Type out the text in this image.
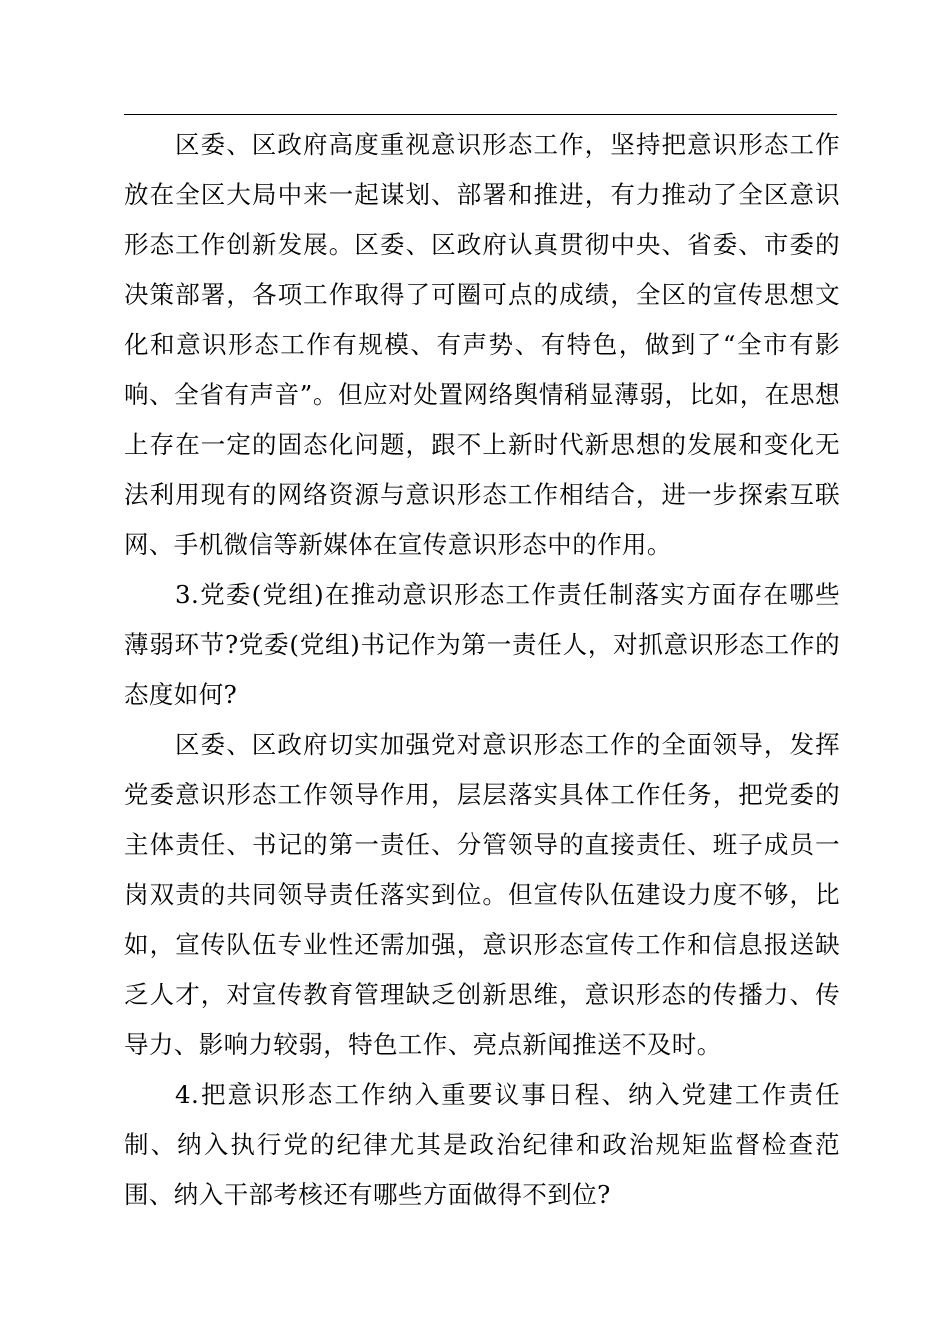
区委、区政府高度重视意识形态工作，坚持把意识形态工作放在全区大局中来一起谋划、部署和推进，有力推动了全区意识形态工作创新发展。区委、区政府认真贯彻中央、省委、市委的决策部署，各项工作取得了可圈可点的成绩，全区的宣传思想文化和意识形态工作有规模、有声势、有特色，做到了“全市有影响、全省有声音”。但应对处置网络舆情稍显薄弱，比如，在思想上存在一定的固态化问题，跟不上新时代新思想的发展和变化无法利用现有的网络资源与意识形态工作相结合，进一步探索互联网、手机微信等新媒体在宣传意识形态中的作用。

3.党委(党组)在推动意识形态工作责任制落实方面存在哪些薄弱环节?党委(党组)书记作为第一责任人，对抓意识形态工作的态度如何?

区委、区政府切实加强党对意识形态工作的全面领导，发挥党委意识形态工作领导作用，层层落实具体工作任务，把党委的主体责任、书记的第一责任、分管领导的直接责任、班子成员一岗双责的共同领导责任落实到位。但宣传队伍建设力度不够，比如，宣传队伍专业性还需加强，意识形态宣传工作和信息报送缺乏人才，对宣传教育管理缺乏创新思维，意识形态的传播力、传导力、影响力较弱，特色工作、亮点新闻推送不及时。

4.把意识形态工作纳入重要议事日程、纳入党建工作责任制、纳入执行党的纪律尤其是政治纪律和政治规矩监督检查范围、纳入干部考核还有哪些方面做得不到位?
